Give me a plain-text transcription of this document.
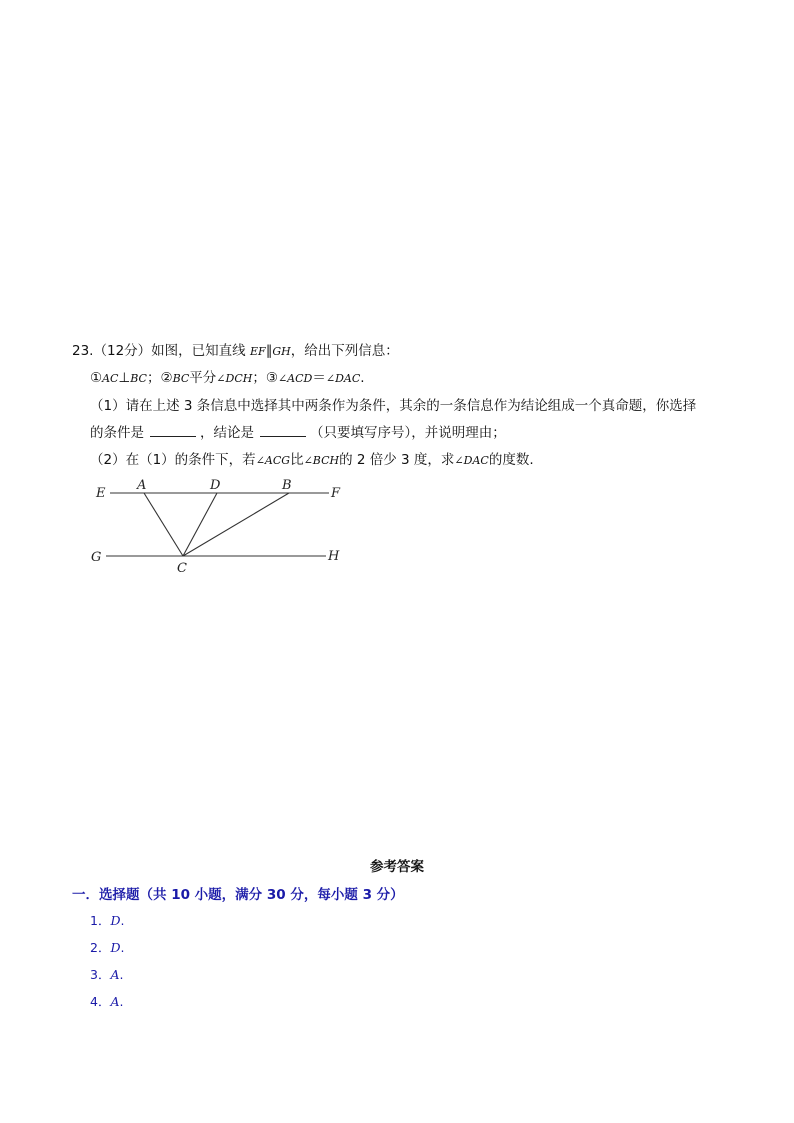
23.（12分）如图，已知直线 EF∥GH，给出下列信息：
①AC⊥BC；②BC平分∠DCH；③∠ACD＝∠DAC.
（1）请在上述 3 条信息中选择其中两条作为条件，其余的一条信息作为结论组成一个真命题，你选择
的条件是	，结论是	（只要填写序号），并说明理由；
（2）在（1）的条件下，若∠ACG比∠BCH的 2 倍少 3 度，求∠DAC的度数.
E
A	D	B
F
G
C
H
参考答案
一．选择题（共 10 小题，满分 30 分，每小题 3 分）
1．D.
2．D.
3．A.
4．A.
